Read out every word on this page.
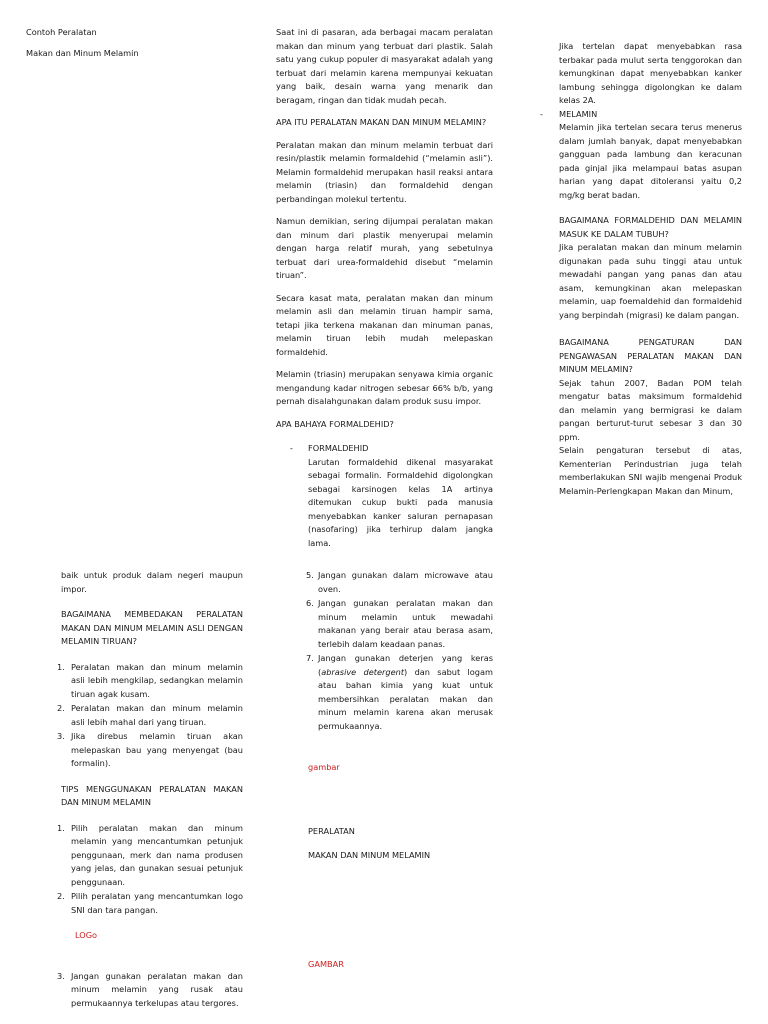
Contoh Peralatan

Makan dan Minum Melamin

Saat ini di pasaran, ada berbagai macam peralatan makan dan minum yang terbuat dari plastik. Salah satu yang cukup populer di masyarakat adalah yang terbuat dari melamin karena mempunyai kekuatan yang baik, desain warna yang menarik dan beragam, ringan dan tidak mudah pecah.

APA ITU PERALATAN MAKAN DAN MINUM MELAMIN?

Peralatan makan dan minum melamin terbuat dari resin/plastik melamin formaldehid (“melamin asli”). Melamin formaldehid merupakan hasil reaksi antara melamin (triasin) dan formaldehid dengan perbandingan molekul tertentu.

Namun demikian, sering dijumpai peralatan makan dan minum dari plastik menyerupai melamin dengan harga relatif murah, yang sebetulnya terbuat dari urea-formaldehid disebut “melamin tiruan”.

Secara kasat mata, peralatan makan dan minum melamin asli dan melamin tiruan hampir sama, tetapi jika terkena makanan dan minuman panas, melamin tiruan lebih mudah melepaskan formaldehid.

Melamin (triasin) merupakan senyawa kimia organic mengandung kadar nitrogen sebesar 66% b/b, yang pernah disalahgunakan dalam produk susu impor.

APA BAHAYA FORMALDEHID?

-	FORMALDEHID
Larutan formaldehid dikenal masyarakat sebagai formalin. Formaldehid digolongkan sebagai karsinogen kelas 1A artinya ditemukan cukup bukti pada manusia menyebabkan kanker saluran pernapasan (nasofaring) jika terhirup dalam jangka lama.

Jika tertelan dapat menyebabkan rasa terbakar pada mulut serta tenggorokan dan kemungkinan dapat menyebabkan kanker lambung sehingga digolongkan ke dalam kelas 2A.

-	MELAMIN
Melamin jika tertelan secara terus menerus dalam jumlah banyak, dapat menyebabkan gangguan pada lambung dan keracunan pada ginjal jika melampaui batas asupan harian yang dapat ditoleransi yaitu 0,2 mg/kg berat badan.

BAGAIMANA FORMALDEHID DAN MELAMIN MASUK KE DALAM TUBUH?

Jika peralatan makan dan minum melamin digunakan pada suhu tinggi atau untuk mewadahi pangan yang panas dan atau asam, kemungkinan akan melepaskan melamin, uap foemaldehid dan formaldehid yang berpindah (migrasi) ke dalam pangan.

BAGAIMANA PENGATURAN DAN PENGAWASAN PERALATAN MAKAN DAN MINUM MELAMIN?

Sejak tahun 2007, Badan POM telah mengatur batas maksimum formaldehid dan melamin yang bermigrasi ke dalam pangan berturut-turut sebesar 3 dan 30 ppm.

Selain pengaturan tersebut di atas, Kementerian Perindustrian juga telah memberlakukan SNI wajib mengenai Produk Melamin-Perlengkapan Makan dan Minum,

baik untuk produk dalam negeri maupun impor.

BAGAIMANA MEMBEDAKAN PERALATAN MAKAN DAN MINUM MELAMIN ASLI DENGAN MELAMIN TIRUAN?

1. Peralatan makan dan minum melamin asli lebih mengkilap, sedangkan melamin tiruan agak kusam.
2. Peralatan makan dan minum melamin asli lebih mahal dari yang tiruan.
3. Jika direbus melamin tiruan akan melepaskan bau yang menyengat (bau formalin).

TIPS MENGGUNAKAN PERALATAN MAKAN DAN MINUM MELAMIN

1. Pilih peralatan makan dan minum melamin yang mencantumkan petunjuk penggunaan, merk dan nama produsen yang jelas, dan gunakan sesuai petunjuk penggunaan.
2. Pilih peralatan yang mencantumkan logo SNI dan tara pangan.

LOGo

3. Jangan gunakan peralatan makan dan minum melamin yang rusak atau permukaannya terkelupas atau tergores.
5. Jangan gunakan dalam microwave atau oven.
6. Jangan gunakan peralatan makan dan minum melamin untuk mewadahi makanan yang berair atau berasa asam, terlebih dalam keadaan panas.
7. Jangan gunakan deterjen yang keras (abrasive detergent) dan sabut logam atau bahan kimia yang kuat untuk membersihkan peralatan makan dan minum melamin karena akan merusak permukaannya.

gambar

PERALATAN

MAKAN DAN MINUM MELAMIN

GAMBAR
